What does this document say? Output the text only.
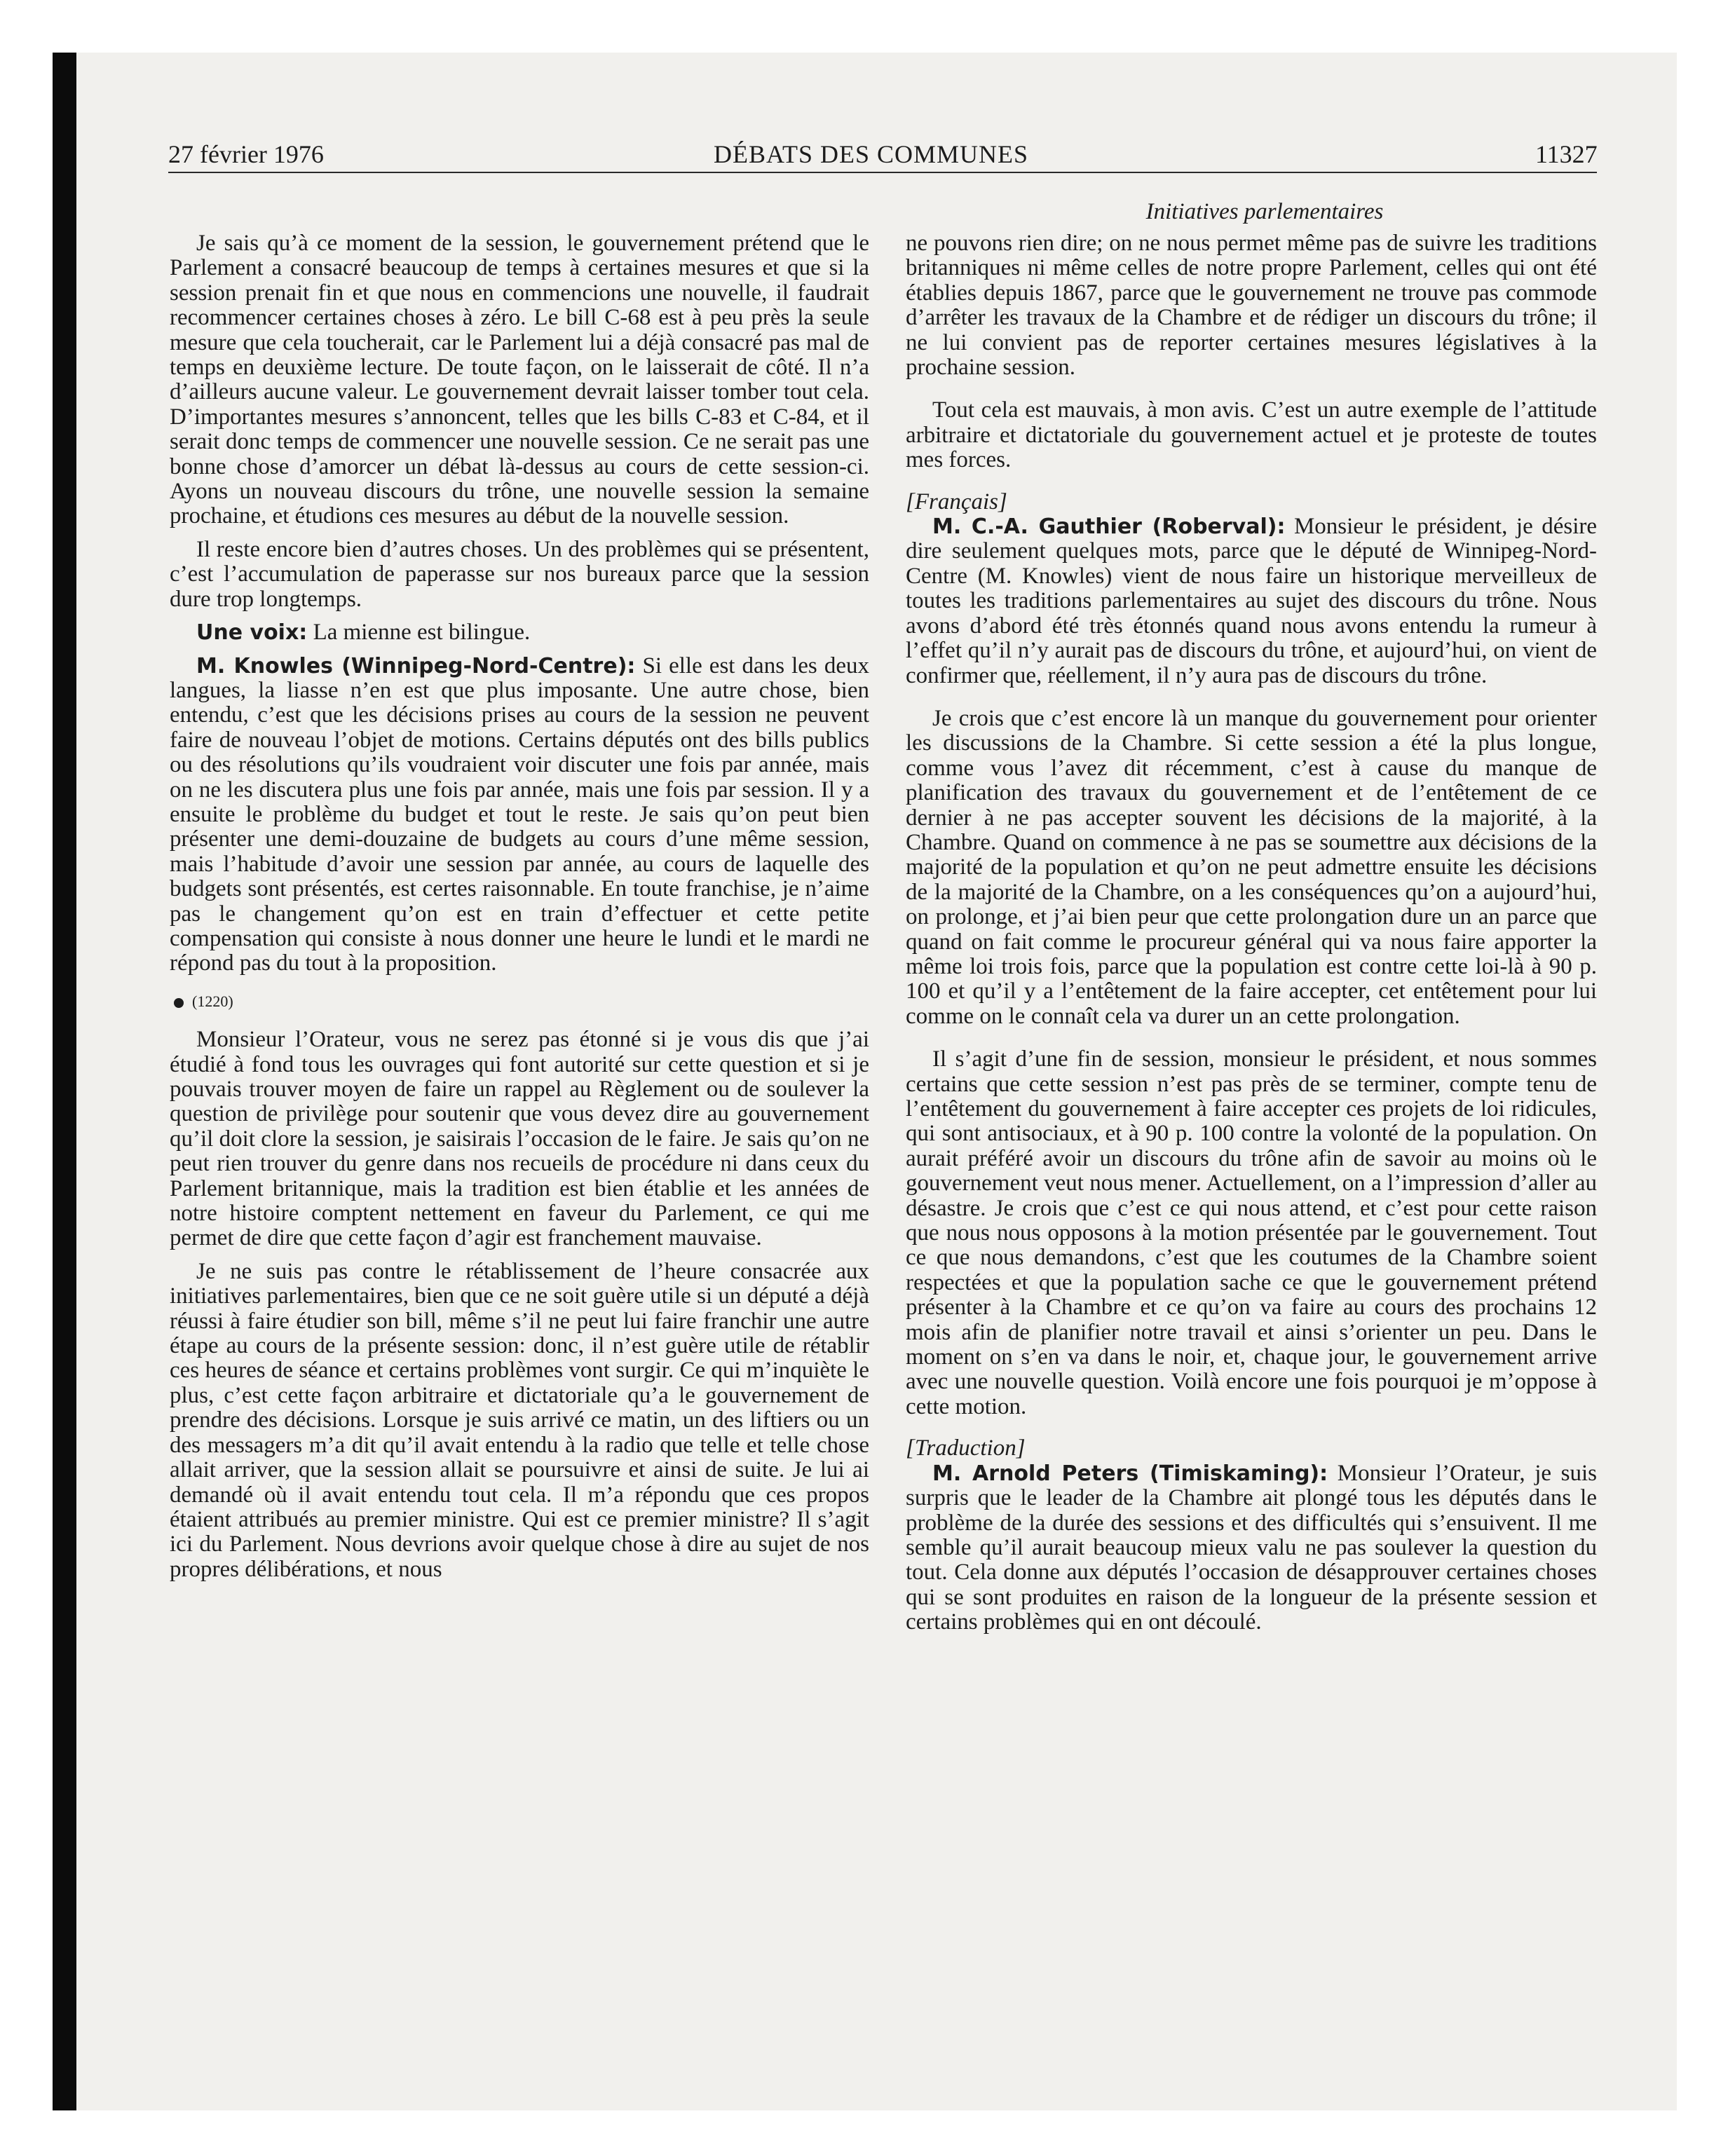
27 février 1976	DÉBATS DES COMMUNES	11327
Initiatives parlementaires

Je sais qu’à ce moment de la session, le gouvernement prétend que le Parlement a consacré beaucoup de temps à certaines mesures et que si la session prenait fin et que nous en commencions une nouvelle, il faudrait recommencer certaines choses à zéro. Le bill C-68 est à peu près la seule mesure que cela toucherait, car le Parlement lui a déjà consacré pas mal de temps en deuxième lecture. De toute façon, on le laisserait de côté. Il n’a d’ailleurs aucune valeur. Le gouvernement devrait laisser tomber tout cela. D’importantes mesures s’annoncent, telles que les bills C-83 et C-84, et il serait donc temps de commencer une nouvelle session. Ce ne serait pas une bonne chose d’amorcer un débat là-dessus au cours de cette session-ci. Ayons un nouveau discours du trône, une nouvelle session la semaine prochaine, et étudions ces mesures au début de la nouvelle session.

Il reste encore bien d’autres choses. Un des problèmes qui se présentent, c’est l’accumulation de paperasse sur nos bureaux parce que la session dure trop longtemps.

Une voix: La mienne est bilingue.

M. Knowles (Winnipeg-Nord-Centre): Si elle est dans les deux langues, la liasse n’en est que plus imposante. Une autre chose, bien entendu, c’est que les décisions prises au cours de la session ne peuvent faire de nouveau l’objet de motions. Certains députés ont des bills publics ou des résolutions qu’ils voudraient voir discuter une fois par année, mais on ne les discutera plus une fois par année, mais une fois par session. Il y a ensuite le problème du budget et tout le reste. Je sais qu’on peut bien présenter une demi-douzaine de budgets au cours d’une même session, mais l’habitude d’avoir une session par année, au cours de laquelle des budgets sont présentés, est certes raisonnable. En toute franchise, je n’aime pas le changement qu’on est en train d’effectuer et cette petite compensation qui consiste à nous donner une heure le lundi et le mardi ne répond pas du tout à la proposition.

(1220)

Monsieur l’Orateur, vous ne serez pas étonné si je vous dis que j’ai étudié à fond tous les ouvrages qui font autorité sur cette question et si je pouvais trouver moyen de faire un rappel au Règlement ou de soulever la question de privilège pour soutenir que vous devez dire au gouvernement qu’il doit clore la session, je saisirais l’occasion de le faire. Je sais qu’on ne peut rien trouver du genre dans nos recueils de procédure ni dans ceux du Parlement britannique, mais la tradition est bien établie et les années de notre histoire comptent nettement en faveur du Parlement, ce qui me permet de dire que cette façon d’agir est franchement mauvaise.

Je ne suis pas contre le rétablissement de l’heure consacrée aux initiatives parlementaires, bien que ce ne soit guère utile si un député a déjà réussi à faire étudier son bill, même s’il ne peut lui faire franchir une autre étape au cours de la présente session: donc, il n’est guère utile de rétablir ces heures de séance et certains problèmes vont surgir. Ce qui m’inquiète le plus, c’est cette façon arbitraire et dictatoriale qu’a le gouvernement de prendre des décisions. Lorsque je suis arrivé ce matin, un des liftiers ou un des messagers m’a dit qu’il avait entendu à la radio que telle et telle chose allait arriver, que la session allait se poursuivre et ainsi de suite. Je lui ai demandé où il avait entendu tout cela. Il m’a répondu que ces propos étaient attribués au premier ministre. Qui est ce premier ministre? Il s’agit ici du Parlement. Nous devrions avoir quelque chose à dire au sujet de nos propres délibérations, et nous

ne pouvons rien dire; on ne nous permet même pas de suivre les traditions britanniques ni même celles de notre propre Parlement, celles qui ont été établies depuis 1867, parce que le gouvernement ne trouve pas commode d’arrêter les travaux de la Chambre et de rédiger un discours du trône; il ne lui convient pas de reporter certaines mesures législatives à la prochaine session.

Tout cela est mauvais, à mon avis. C’est un autre exemple de l’attitude arbitraire et dictatoriale du gouvernement actuel et je proteste de toutes mes forces.

[Français]

M. C.-A. Gauthier (Roberval): Monsieur le président, je désire dire seulement quelques mots, parce que le député de Winnipeg-Nord-Centre (M. Knowles) vient de nous faire un historique merveilleux de toutes les traditions parlementaires au sujet des discours du trône. Nous avons d’abord été très étonnés quand nous avons entendu la rumeur à l’effet qu’il n’y aurait pas de discours du trône, et aujourd’hui, on vient de confirmer que, réellement, il n’y aura pas de discours du trône.

Je crois que c’est encore là un manque du gouvernement pour orienter les discussions de la Chambre. Si cette session a été la plus longue, comme vous l’avez dit récemment, c’est à cause du manque de planification des travaux du gouvernement et de l’entêtement de ce dernier à ne pas accepter souvent les décisions de la majorité, à la Chambre. Quand on commence à ne pas se soumettre aux décisions de la majorité de la population et qu’on ne peut admettre ensuite les décisions de la majorité de la Chambre, on a les conséquences qu’on a aujourd’hui, on prolonge, et j’ai bien peur que cette prolongation dure un an parce que quand on fait comme le procureur général qui va nous faire apporter la même loi trois fois, parce que la population est contre cette loi-là à 90 p. 100 et qu’il y a l’entêtement de la faire accepter, cet entêtement pour lui comme on le connaît cela va durer un an cette prolongation.

Il s’agit d’une fin de session, monsieur le président, et nous sommes certains que cette session n’est pas près de se terminer, compte tenu de l’entêtement du gouvernement à faire accepter ces projets de loi ridicules, qui sont antisociaux, et à 90 p. 100 contre la volonté de la population. On aurait préféré avoir un discours du trône afin de savoir au moins où le gouvernement veut nous mener. Actuellement, on a l’impression d’aller au désastre. Je crois que c’est ce qui nous attend, et c’est pour cette raison que nous nous opposons à la motion présentée par le gouvernement. Tout ce que nous demandons, c’est que les coutumes de la Chambre soient respectées et que la population sache ce que le gouvernement prétend présenter à la Chambre et ce qu’on va faire au cours des prochains 12 mois afin de planifier notre travail et ainsi s’orienter un peu. Dans le moment on s’en va dans le noir, et, chaque jour, le gouvernement arrive avec une nouvelle question. Voilà encore une fois pourquoi je m’oppose à cette motion.

[Traduction]

M. Arnold Peters (Timiskaming): Monsieur l’Orateur, je suis surpris que le leader de la Chambre ait plongé tous les députés dans le problème de la durée des sessions et des difficultés qui s’ensuivent. Il me semble qu’il aurait beaucoup mieux valu ne pas soulever la question du tout. Cela donne aux députés l’occasion de désapprouver certaines choses qui se sont produites en raison de la longueur de la présente session et certains problèmes qui en ont découlé.
